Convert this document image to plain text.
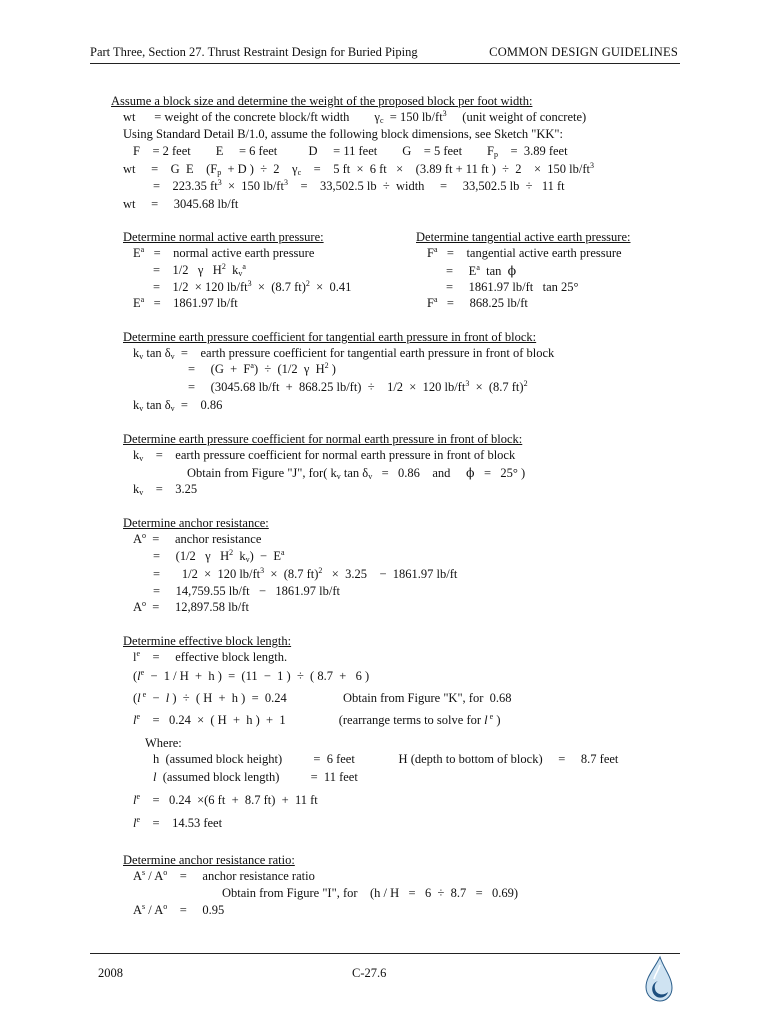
Part Three, Section 27. Thrust Restraint Design for Buried Piping	COMMON DESIGN GUIDELINES
Assume a block size and determine the weight of the proposed block per foot width:
wt      = weight of the concrete block/ft width        $\gamma_c = 150$ $lb/ft^3$     (unit weight of concrete)
Using Standard Detail B/1.0, assume the following block dimensions, see Sketch "KK":
F    = 2 feet        E     = 6 feet          D     = 11 feet        G    = 5 feet        $F_p$    =  3.89 feet
wt     =    G  E    ($F_p + D$ )  ÷  2    $\gamma_c$    =    5 ft  ×  6 ft   ×    (3.89 ft + 11 ft )  ÷  2    ×  150 $lb/ft^3$
=    223.35 $ft^3 \times 150$ $lb/ft^3$    =    33,502.5 lb  ÷  width     =     33,502.5 lb  ÷   11 ft
wt     =     3045.68 lb/ft
Determine normal active earth pressure:	Determine tangential active earth pressure:
$E^a$   =    normal active earth pressure	$F^a$   =    tangential active earth pressure
=    1/2   γ   $H^2$  $k_v^a$	=     $E^a$  tan  ϕ
=    1/2  × 120 $lb/ft^3 \times (8.7$ ft)$^2$  ×  0.41	=     1861.97 lb/ft   tan 25°
$E^a$   =    1861.97 lb/ft	$F^a$   =     868.25 lb/ft
Determine earth pressure coefficient for tangential earth pressure in front of block:
$k_v$ $\tan \delta_v$  =    earth pressure coefficient for tangential earth pressure in front of block
=     $(G + F^a) \div (1/2$  γ  $H^2$ )
=     (3045.68 lb/ft  +  868.25 lb/ft)  ÷    1/2  ×  120 $lb/ft^3 \times (8.7$ ft)$^2$
$k_v$ $\tan \delta_v$  =    0.86
Determine earth pressure coefficient for normal earth pressure in front of block:
$k_v$    =    earth pressure coefficient for normal earth pressure in front of block
Obtain from Figure "J", for( $k_v$ $\tan \delta_v = 0.86$    and     ϕ   =   25° )
$k_v$    =    3.25
Determine anchor resistance:
$A^o$  =     anchor resistance
=     (1/2   γ   $H^2$  $k_v) - E^a$
=       1/2  ×  120 $lb/ft^3 \times (8.7$ ft)$^2$   ×  3.25    −  1861.97 lb/ft
=     14,759.55 lb/ft   −   1861.97 lb/ft
$A^o$  =     12,897.58 lb/ft
Determine effective block length:
$l^e$    =     effective block length.
($l^e - 1 / H + h$ )  =  (11  −  1 )  ÷  ( 8.7  +   6 )
(l $^e$  −  l )  ÷  ( H  +  h )  =  0.24                  Obtain from Figure "K", for  0.68
$l^e$    =   0.24  ×  ( H  +  h )  +  1                 (rearrange terms to solve for l $^e$ )
Where:
h  (assumed block height)          =  6 feet              H (depth to bottom of block)     =     8.7 feet
l  (assumed block length)          =  11 feet
$l^e$    =   0.24  ×(6 ft  +  8.7 ft)  +  11 ft
$l^e$    =    14.53 feet
Determine anchor resistance ratio:
$A^s / A^o$    =     anchor resistance ratio
Obtain from Figure "I", for    (h / H   =   6  ÷  8.7   =   0.69)
$A^s / A^o$    =     0.95
2008	C-27.6
